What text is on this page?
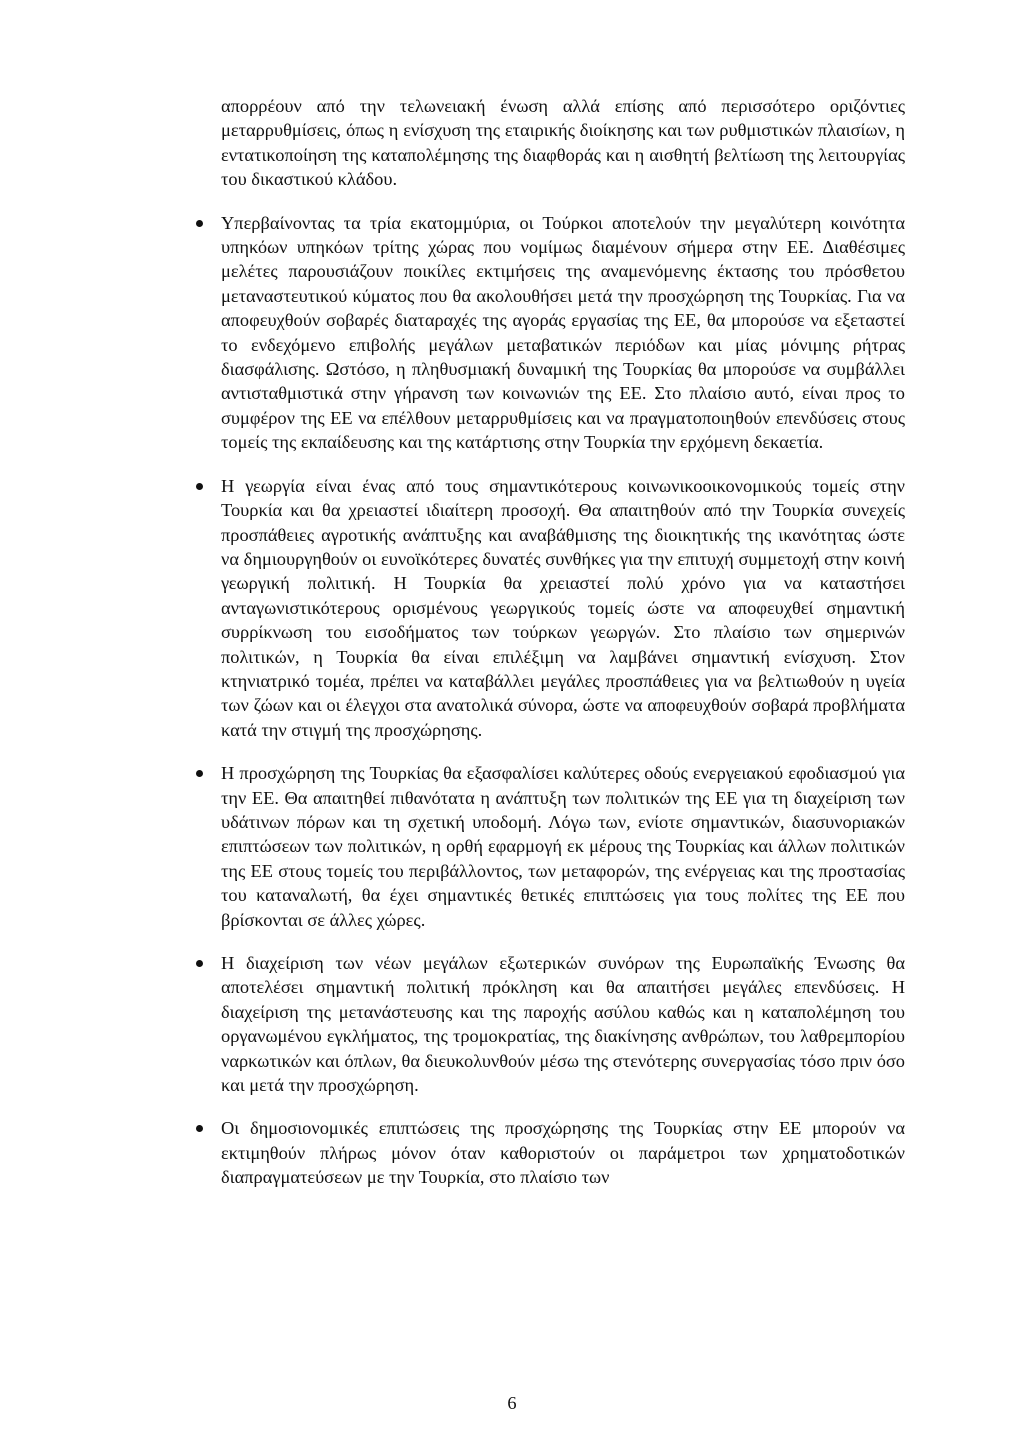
απορρέουν από την τελωνειακή ένωση αλλά επίσης από περισσότερο οριζόντιες μεταρρυθμίσεις, όπως η ενίσχυση της εταιρικής διοίκησης και των ρυθμιστικών πλαισίων, η εντατικοποίηση της καταπολέμησης της διαφθοράς και η αισθητή βελτίωση της λειτουργίας του δικαστικού κλάδου.

Υπερβαίνοντας τα τρία εκατομμύρια, οι Τούρκοι αποτελούν την μεγαλύτερη κοινότητα υπηκόων υπηκόων τρίτης χώρας που νομίμως διαμένουν σήμερα στην ΕΕ. Διαθέσιμες μελέτες παρουσιάζουν ποικίλες εκτιμήσεις της αναμενόμενης έκτασης του πρόσθετου μεταναστευτικού κύματος που θα ακολουθήσει μετά την προσχώρηση της Τουρκίας. Για να αποφευχθούν σοβαρές διαταραχές της αγοράς εργασίας της ΕΕ, θα μπορούσε να εξεταστεί το ενδεχόμενο επιβολής μεγάλων μεταβατικών περιόδων και μίας μόνιμης ρήτρας διασφάλισης. Ωστόσο, η πληθυσμιακή δυναμική της Τουρκίας θα μπορούσε να συμβάλλει αντισταθμιστικά στην γήρανση των κοινωνιών της ΕΕ. Στο πλαίσιο αυτό, είναι προς το συμφέρον της ΕΕ να επέλθουν μεταρρυθμίσεις και να πραγματοποιηθούν επενδύσεις στους τομείς της εκπαίδευσης και της κατάρτισης στην Τουρκία την ερχόμενη δεκαετία.
Η γεωργία είναι ένας από τους σημαντικότερους κοινωνικοοικονομικούς τομείς στην Τουρκία και θα χρειαστεί ιδιαίτερη προσοχή. Θα απαιτηθούν από την Τουρκία συνεχείς προσπάθειες αγροτικής ανάπτυξης και αναβάθμισης της διοικητικής της ικανότητας ώστε να δημιουργηθούν οι ευνοϊκότερες δυνατές συνθήκες για την επιτυχή συμμετοχή στην κοινή γεωργική πολιτική. Η Τουρκία θα χρειαστεί πολύ χρόνο για να καταστήσει ανταγωνιστικότερους ορισμένους γεωργικούς τομείς ώστε να αποφευχθεί σημαντική συρρίκνωση του εισοδήματος των τούρκων γεωργών. Στο πλαίσιο των σημερινών πολιτικών, η Τουρκία θα είναι επιλέξιμη να λαμβάνει σημαντική ενίσχυση. Στον κτηνιατρικό τομέα, πρέπει να καταβάλλει μεγάλες προσπάθειες για να βελτιωθούν η υγεία των ζώων και οι έλεγχοι στα ανατολικά σύνορα, ώστε να αποφευχθούν σοβαρά προβλήματα κατά την στιγμή της προσχώρησης.
Η προσχώρηση της Τουρκίας θα εξασφαλίσει καλύτερες οδούς ενεργειακού εφοδιασμού για την ΕΕ. Θα απαιτηθεί πιθανότατα η ανάπτυξη των πολιτικών της ΕΕ για τη διαχείριση των υδάτινων πόρων και τη σχετική υποδομή. Λόγω των, ενίοτε σημαντικών, διασυνοριακών επιπτώσεων των πολιτικών, η ορθή εφαρμογή εκ μέρους της Τουρκίας και άλλων πολιτικών της ΕΕ στους τομείς του περιβάλλοντος, των μεταφορών, της ενέργειας και της προστασίας του καταναλωτή, θα έχει σημαντικές θετικές επιπτώσεις για τους πολίτες της ΕΕ που βρίσκονται σε άλλες χώρες.
Η διαχείριση των νέων μεγάλων εξωτερικών συνόρων της Ευρωπαϊκής Ένωσης θα αποτελέσει σημαντική πολιτική πρόκληση και θα απαιτήσει μεγάλες επενδύσεις. Η διαχείριση της μετανάστευσης και της παροχής ασύλου καθώς και η καταπολέμηση του οργανωμένου εγκλήματος, της τρομοκρατίας, της διακίνησης ανθρώπων, του λαθρεμπορίου ναρκωτικών και όπλων, θα διευκολυνθούν μέσω της στενότερης συνεργασίας τόσο πριν όσο και μετά την προσχώρηση.
Οι δημοσιονομικές επιπτώσεις της προσχώρησης της Τουρκίας στην ΕΕ μπορούν να εκτιμηθούν πλήρως μόνον όταν καθοριστούν οι παράμετροι των χρηματοδοτικών διαπραγματεύσεων με την Τουρκία, στο πλαίσιο των
6
